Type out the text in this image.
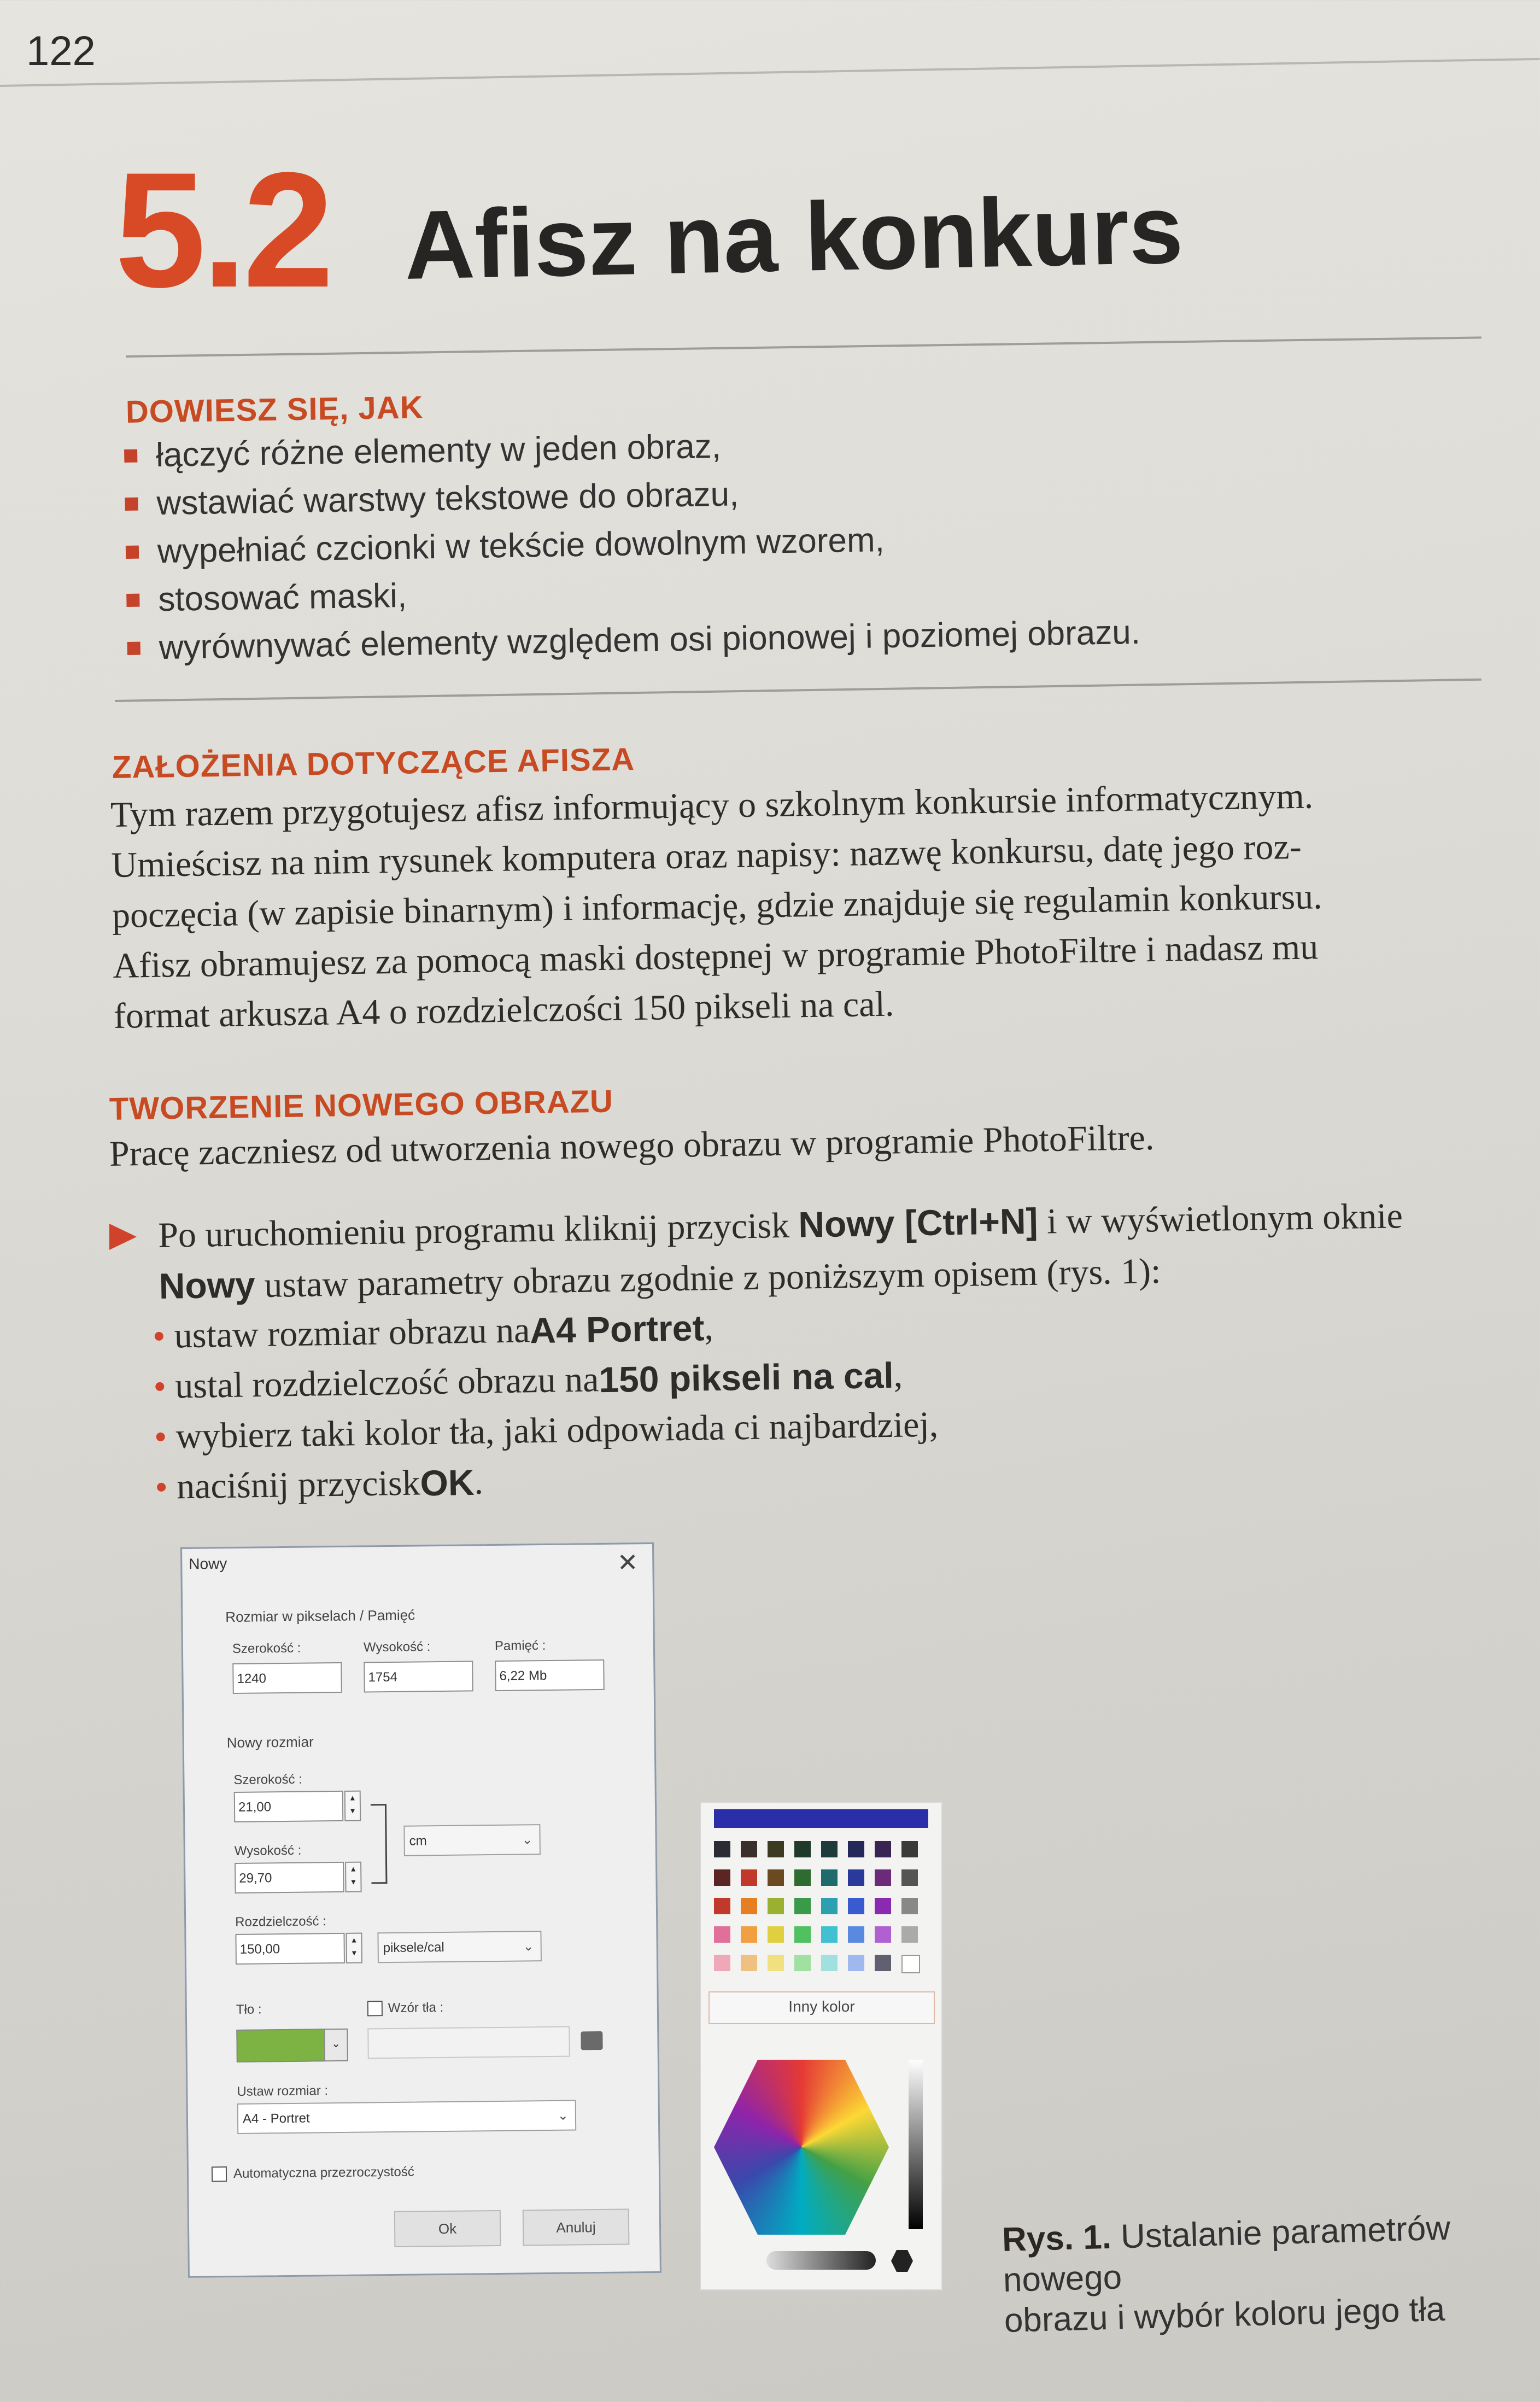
122
5.2 Afisz na konkurs
DOWIESZ SIĘ, JAK
łączyć różne elementy w jeden obraz,
wstawiać warstwy tekstowe do obrazu,
wypełniać czcionki w tekście dowolnym wzorem,
stosować maski,
wyrównywać elementy względem osi pionowej i poziomej obrazu.
ZAŁOŻENIA DOTYCZĄCE AFISZA

Tym razem przygotujesz afisz informujący o szkolnym konkursie informatycznym.

Umieścisz na nim rysunek komputera oraz napisy: nazwę konkursu, datę jego roz-

poczęcia (w zapisie binarnym) i informację, gdzie znajduje się regulamin konkursu.

Afisz obramujesz za pomocą maski dostępnej w programie PhotoFiltre i nadasz mu

format arkusza A4 o rozdzielczości 150 pikseli na cal.

TWORZENIE NOWEGO OBRAZU
Pracę zaczniesz od utworzenia nowego obrazu w programie PhotoFiltre.

Po uruchomieniu programu kliknij przycisk Nowy [Ctrl+N] i w wyświetlonym oknie

Nowy ustaw parametry obrazu zgodnie z poniższym opisem (rys. 1):

ustaw rozmiar obrazu na
A4 Portret
,
ustal rozdzielczość obrazu na
150 pikseli na cal
,
wybierz taki kolor tła, jaki odpowiada ci najbardziej,
naciśnij przycisk
OK
.
Nowy	✕
Rozmiar w pikselach / Pamięć
Szerokość :
1240
Wysokość :
1754
Pamięć :
6,22 Mb
Nowy rozmiar
Szerokość :
21,00
▴
▾
Wysokość :
29,70
▴
▾
cm	⌄
Rozdzielczość :
150,00
▴
▾	piksele/cal	⌄
Tło :
⌄
Wzór tła :
Ustaw rozmiar :
A4 - Portret	⌄
Automatyczna przezroczystość
Ok	Anuluj
Inny kolor
Rys. 1. Ustalanie parametrów nowego
obrazu i wybór koloru jego tła
